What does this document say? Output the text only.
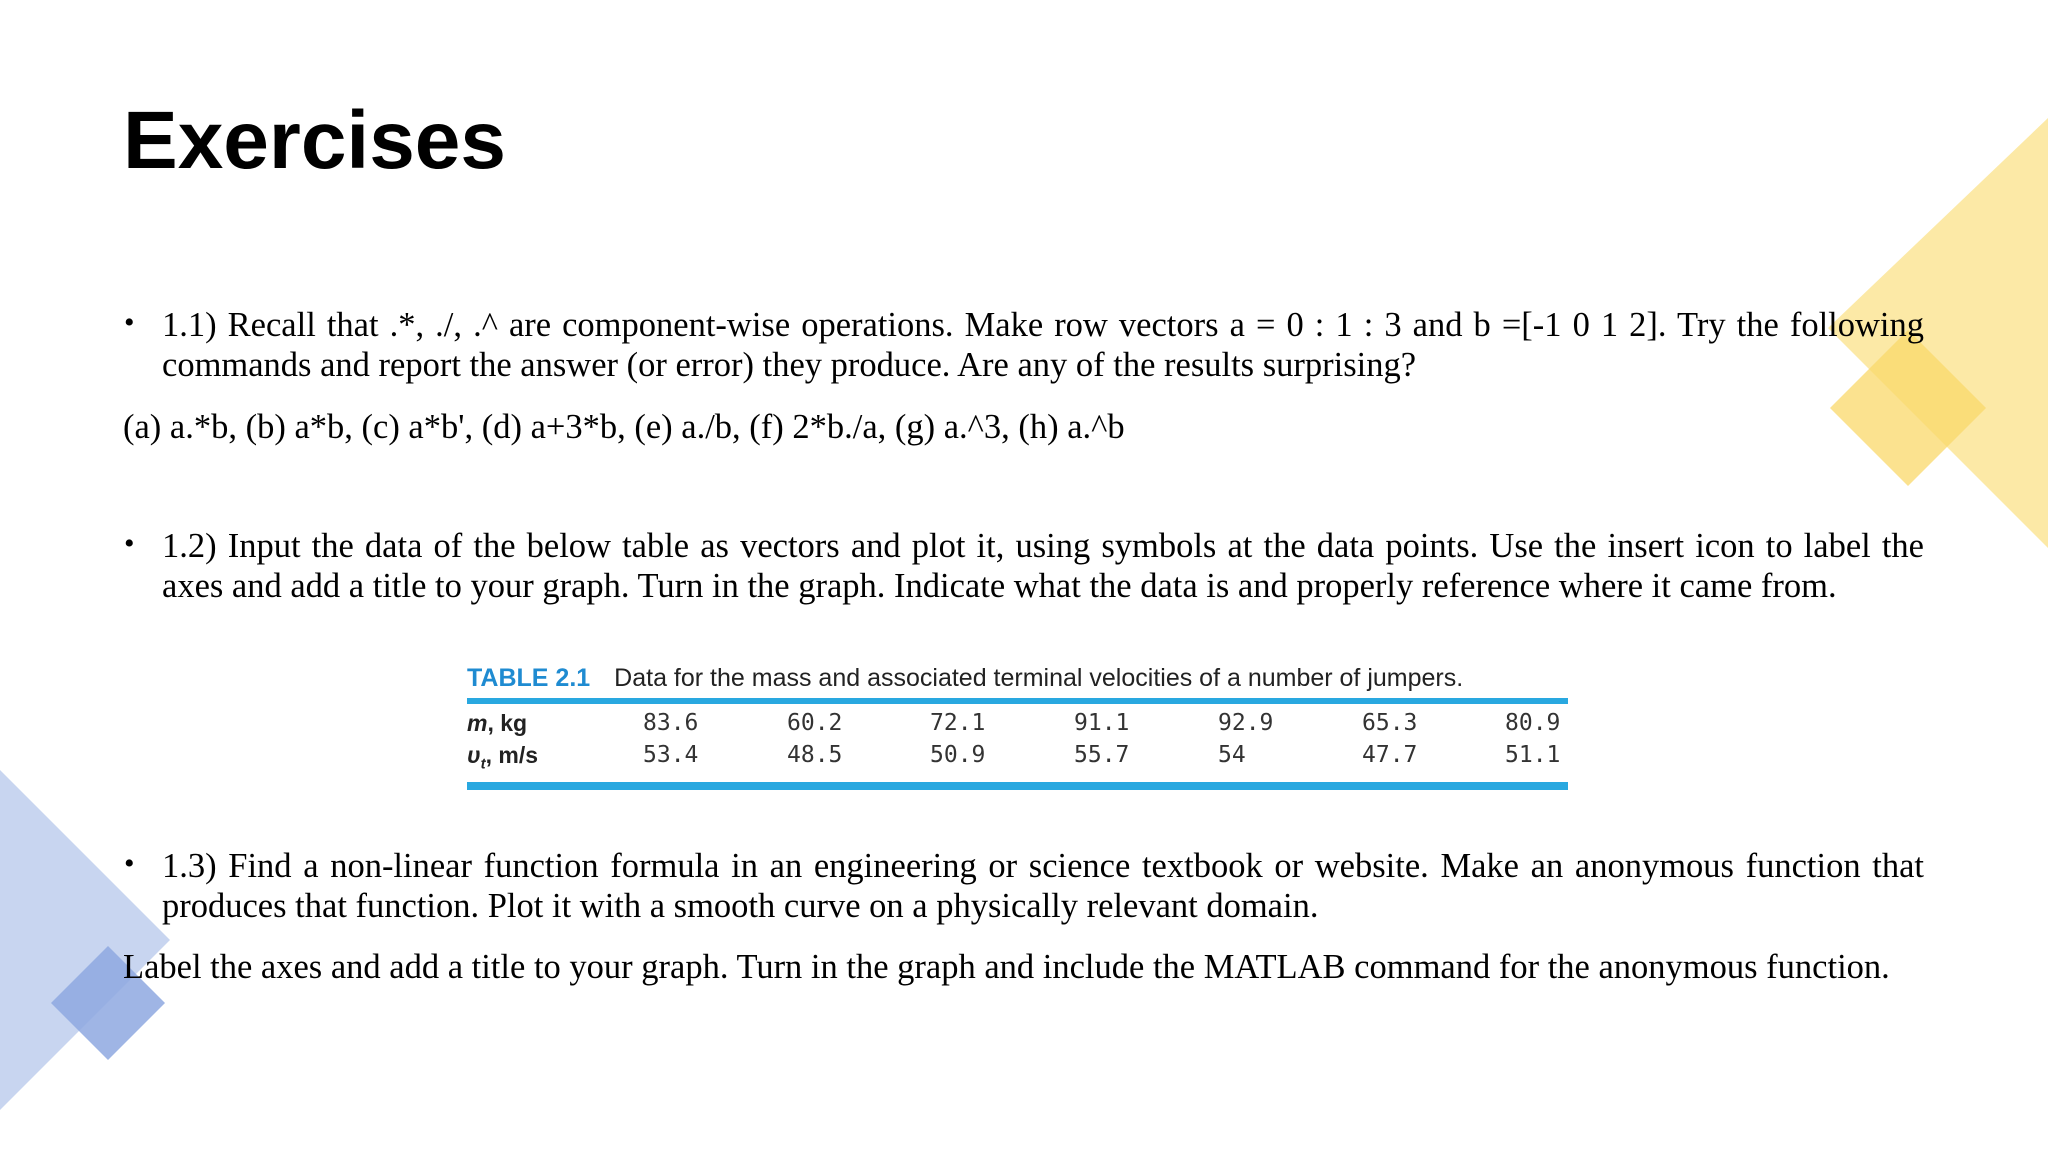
Exercises
• 1.1) Recall that .*, ./, .^ are component-wise operations. Make row vectors a = 0 : 1 : 3 and b =[-1 0 1 2]. Try the following commands and report the answer (or error) they produce. Are any of the results surprising?

(a) a.*b, (b) a*b, (c) a*b', (d) a+3*b, (e) a./b, (f) 2*b./a, (g) a.^3, (h) a.^b

• 1.2) Input the data of the below table as vectors and plot it, using symbols at the data points. Use the insert icon to label the axes and add a title to your graph. Turn in the graph. Indicate what the data is and properly reference where it came from.

TABLE 2.1 Data for the mass and associated terminal velocities of a number of jumpers.
m, kg	83.6	60.2	72.1	91.1	92.9	65.3	80.9
$\upsilon_t$, m/s	53.4	48.5	50.9	55.7	54	47.7	51.1
• 1.3) Find a non-linear function formula in an engineering or science textbook or website. Make an anonymous function that produces that function. Plot it with a smooth curve on a physically relevant domain.

Label the axes and add a title to your graph. Turn in the graph and include the MATLAB command for the anonymous function.
